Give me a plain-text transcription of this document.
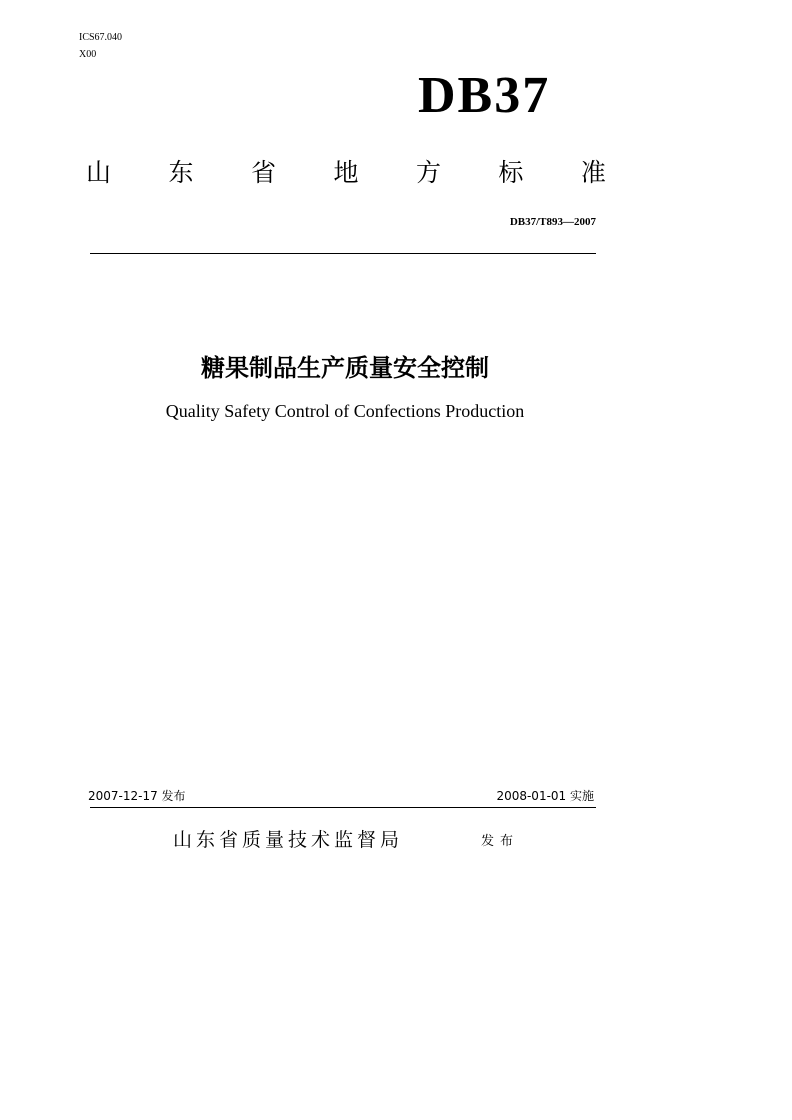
ICS67.040
X00
DB37
山 东 省 地 方 标 准
DB37/T893—2007
糖果制品生产质量安全控制
Quality Safety Control of Confections Production
2007-12-17 发布	2008-01-01 实施
山东省质量技术监督局	发布
